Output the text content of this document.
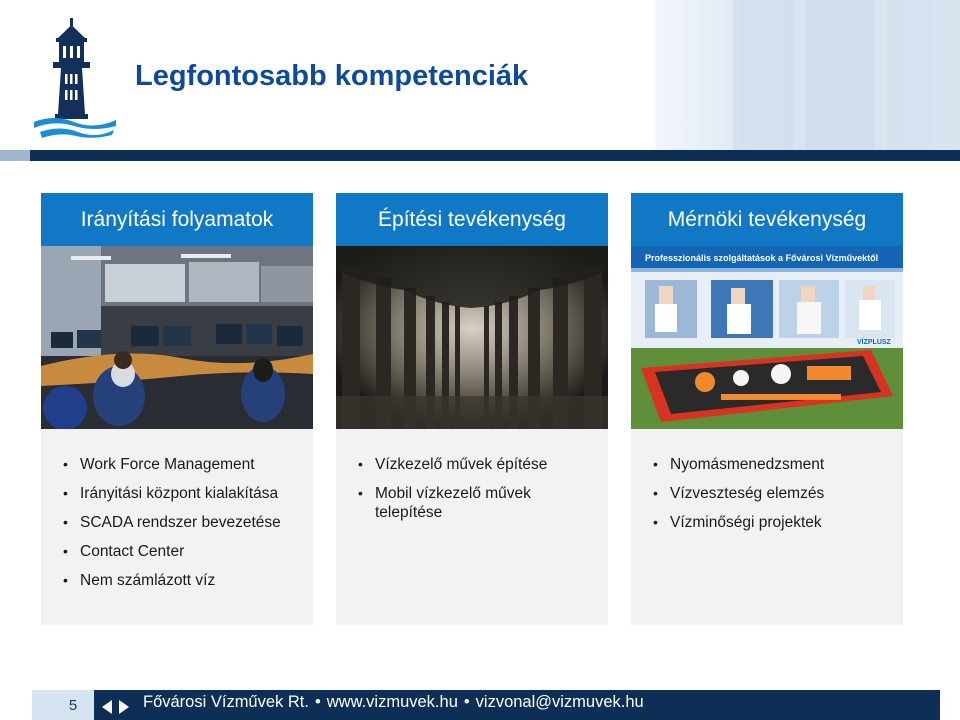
Legfontosabb kompetenciák
Irányítási folyamatok
• Work Force Management
• Irányitási központ kialakítása
• SCADA rendszer bevezetése
• Contact Center
• Nem számlázott víz
Építési tevékenység
• Vízkezelő művek építése
• Mobil vízkezelő művek telepítése
Mérnöki tevékenység
Professzionális szolgáltatások a Fővárosi Vízművektől
VÍZPLUSZ
• Nyomásmenedzsment
• Vízveszteség elemzés
• Vízminőségi projektek
5	Fővárosi Vízművek Rt. • www.vizmuvek.hu • vizvonal@vizmuvek.hu
